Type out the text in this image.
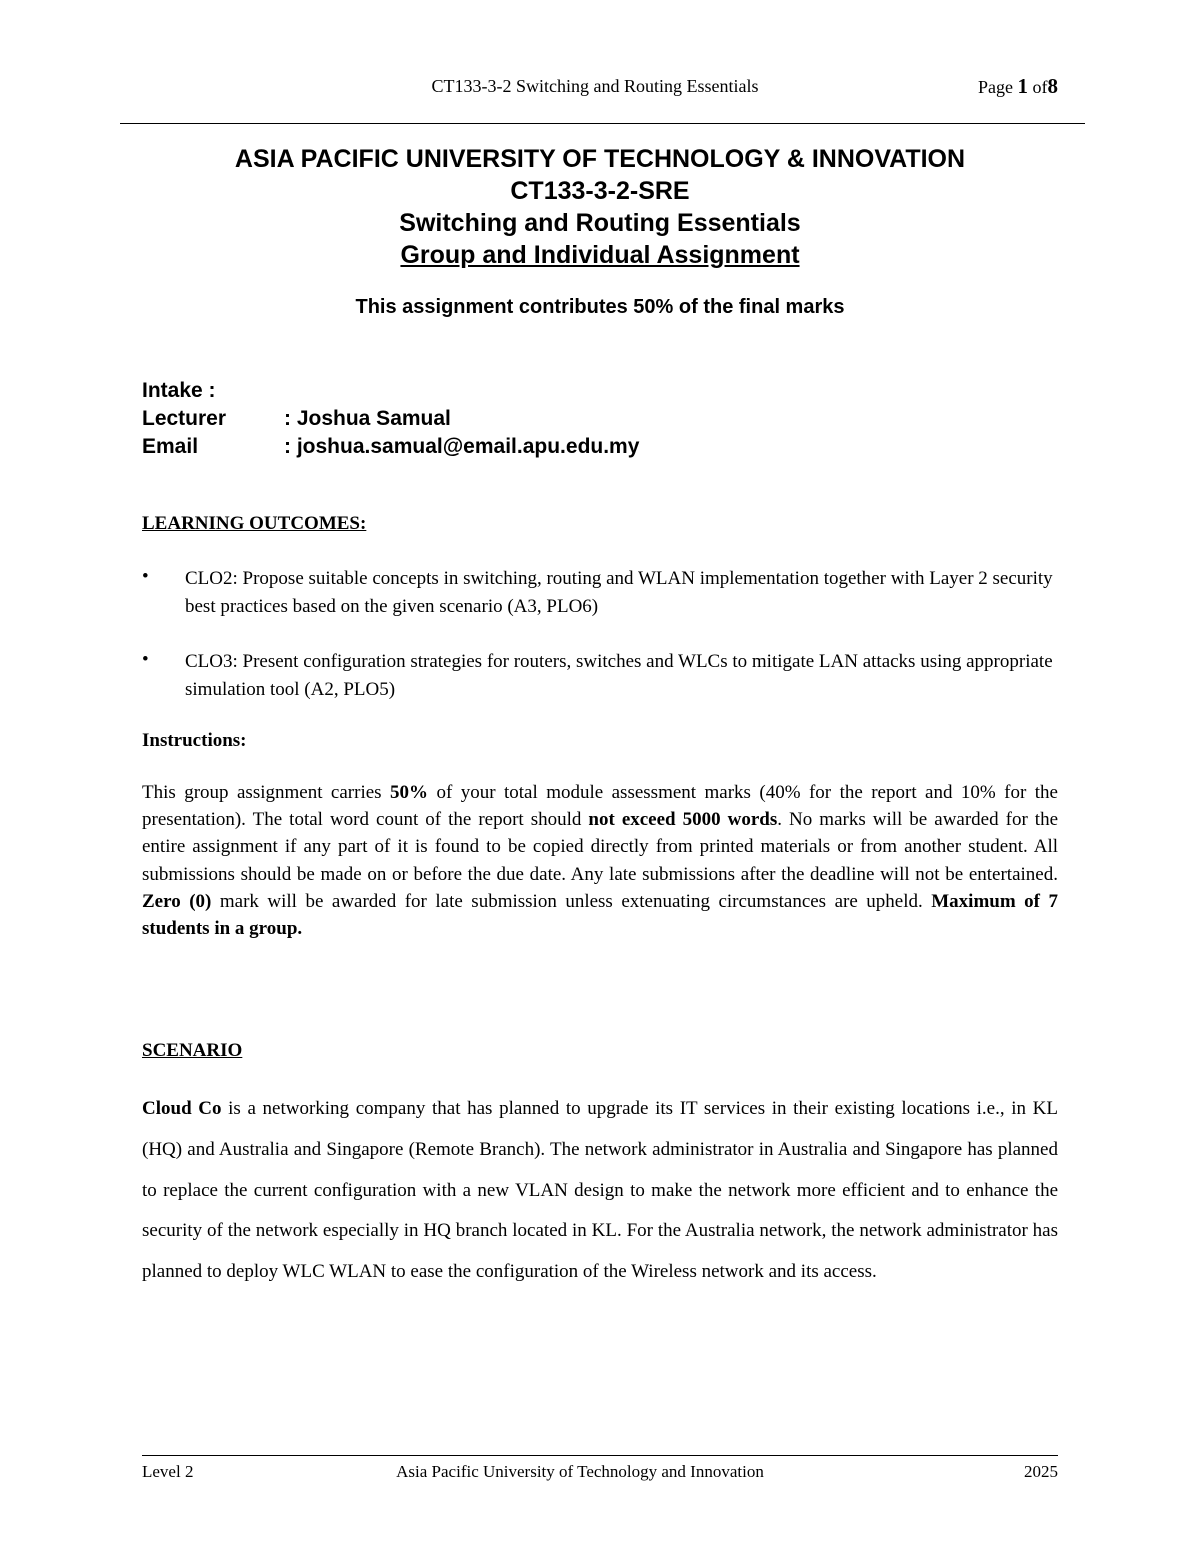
CT133-3-2 Switching and Routing Essentials	Page 1 of8
ASIA PACIFIC UNIVERSITY OF TECHNOLOGY & INNOVATION
CT133-3-2-SRE
Switching and Routing Essentials
Group and Individual Assignment
This assignment contributes 50% of the final marks
Intake :
Lecturer	: Joshua Samual
Email	: joshua.samual@email.apu.edu.my
LEARNING OUTCOMES:
• CLO2: Propose suitable concepts in switching, routing and WLAN implementation together with Layer 2 security best practices based on the given scenario (A3, PLO6)
• CLO3: Present configuration strategies for routers, switches and WLCs to mitigate LAN attacks using appropriate simulation tool (A2, PLO5)
Instructions:
This group assignment carries 50% of your total module assessment marks (40% for the report and 10% for the presentation). The total word count of the report should not exceed 5000 words. No marks will be awarded for the entire assignment if any part of it is found to be copied directly from printed materials or from another student. All submissions should be made on or before the due date. Any late submissions after the deadline will not be entertained. Zero (0) mark will be awarded for late submission unless extenuating circumstances are upheld. Maximum of 7 students in a group.
SCENARIO
Cloud Co is a networking company that has planned to upgrade its IT services in their existing locations i.e., in KL (HQ) and Australia and Singapore (Remote Branch). The network administrator in Australia and Singapore has planned to replace the current configuration with a new VLAN design to make the network more efficient and to enhance the security of the network especially in HQ branch located in KL. For the Australia network, the network administrator has planned to deploy WLC WLAN to ease the configuration of the Wireless network and its access.
Level 2	Asia Pacific University of Technology and Innovation	2025
